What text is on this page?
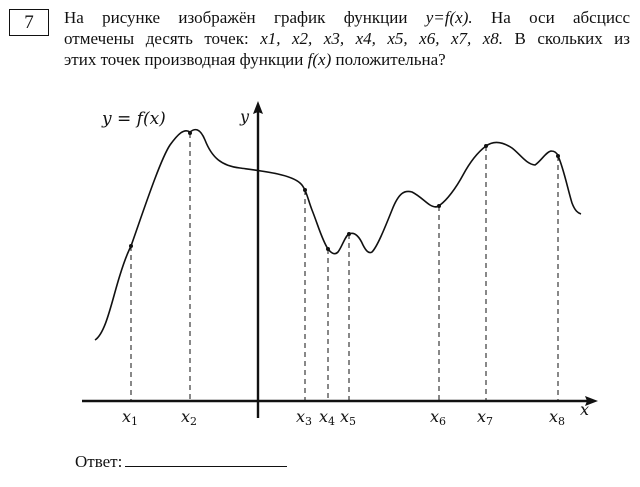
7	На рисунке изображён график функции y=f(x). На оси абсцисс
отмечены десять точек: x1, x2, x3, x4, x5, x6, x7, x8. В скольких из
этих точек производная функции f(x) положительна?
y = f(x)	y
x
x1	x2	x3 x4 x5	x6 x7	x8
Ответ:
